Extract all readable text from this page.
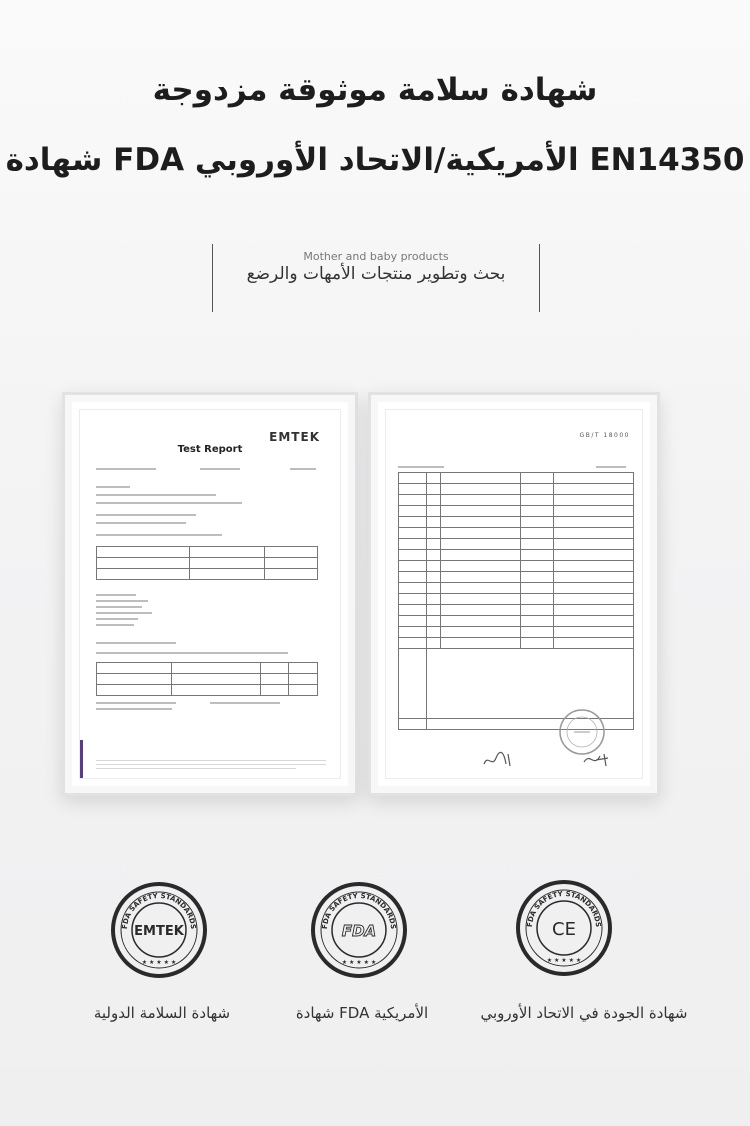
شهادة سلامة موثوقة مزدوجة
EN14350 الأمريكية/الاتحاد الأوروبي FDA شهادة
Mother and baby products
بحث وتطوير منتجات الأمهات والرضع
EMTEK
Test Report

GB/T 18000

FDA SAFETY STANDARDS
EMTEK
★ ★ ★ ★ ★
شهادة السلامة الدولية
FDA SAFETY STANDARDS
FDA
★ ★ ★ ★ ★
الأمريكية FDA شهادة
FDA SAFETY STANDARDS
CE
★ ★ ★ ★ ★
شهادة الجودة في الاتحاد الأوروبي
